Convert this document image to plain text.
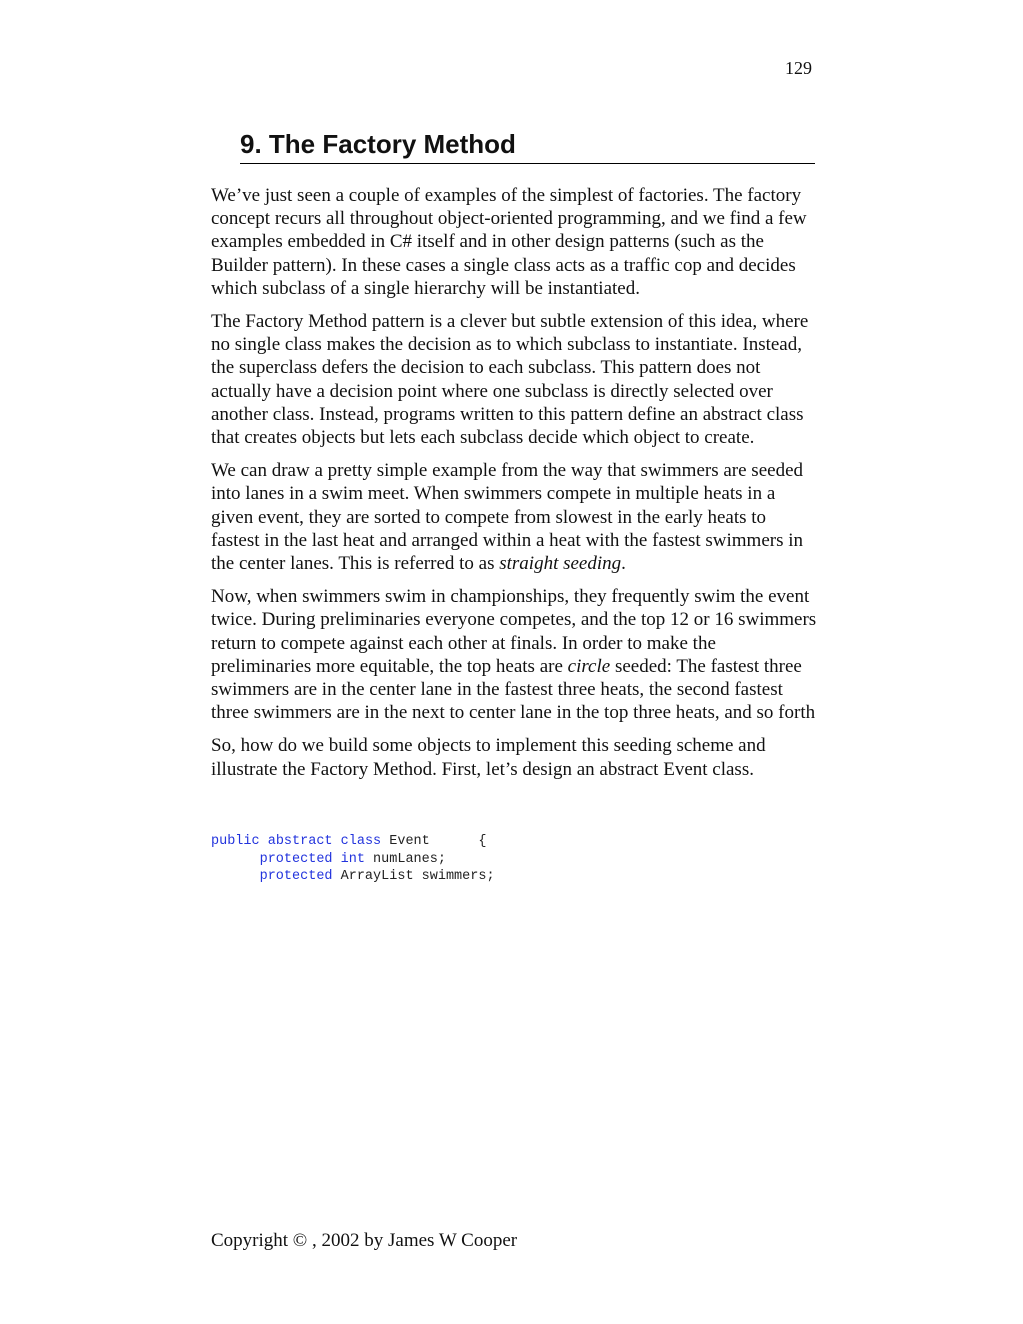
129
9. The Factory Method

We’ve just seen a couple of examples of the simplest of factories. The factory concept recurs all throughout object-oriented programming, and we find a few examples embedded in C# itself and in other design patterns (such as the Builder pattern). In these cases a single class acts as a traffic cop and decides which subclass of a single hierarchy will be instantiated.

The Factory Method pattern is a clever but subtle extension of this idea, where no single class makes the decision as to which subclass to instantiate. Instead, the superclass defers the decision to each subclass. This pattern does not actually have a decision point where one subclass is directly selected over another class. Instead, programs written to this pattern define an abstract class that creates objects but lets each subclass decide which object to create.

We can draw a pretty simple example from the way that swimmers are seeded into lanes in a swim meet. When swimmers compete in multiple heats in a given event, they are sorted to compete from slowest in the early heats to fastest in the last heat and arranged within a heat with the fastest swimmers in the center lanes. This is referred to as straight seeding.

Now, when swimmers swim in championships, they frequently swim the event twice. During preliminaries everyone competes, and the top 12 or 16 swimmers return to compete against each other at finals. In order to make the preliminaries more equitable, the top heats are circle seeded: The fastest three swimmers are in the center lane in the fastest three heats, the second fastest three swimmers are in the next to center lane in the top three heats, and so forth

So, how do we build some objects to implement this seeding scheme and illustrate the Factory Method. First, let’s design an abstract Event class.

public abstract class Event      {
protected int numLanes;
protected ArrayList swimmers;
Copyright © , 2002 by James W Cooper
